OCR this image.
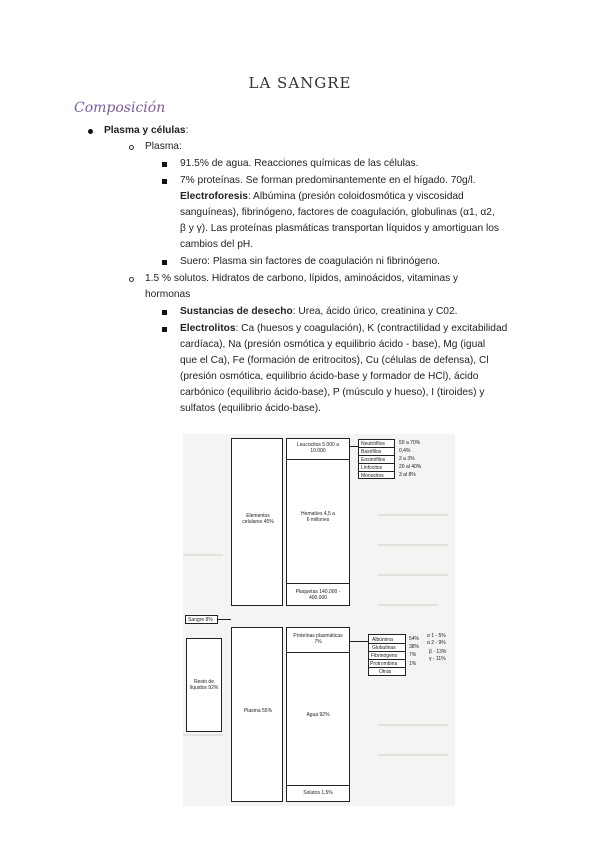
LA SANGRE
Composición
Plasma y células:
Plasma:
91.5% de agua. Reacciones químicas de las células.
7% proteínas. Se forman predominantemente en el hígado. 70g/l.
Electroforesis: Albúmina (presión coloidosmótica y viscosidad
sanguíneas), fibrinógeno, factores de coagulación, globulinas (α1, α2,
β y γ). Las proteínas plasmáticas transportan líquidos y amortiguan los
cambios del pH.
Suero: Plasma sin factores de coagulación ni fibrinógeno.
1.5 % solutos. Hidratos de carbono, lípidos, aminoácidos, vitaminas y
hormonas
Sustancias de desecho: Urea, ácido úrico, creatinina y C02.
Electrolitos: Ca (huesos y coagulación), K (contractilidad y excitabilidad
cardíaca), Na (presión osmótica y equilibrio ácido - base), Mg (igual
que el Ca), Fe (formación de eritrocitos), Cu (células de defensa), Cl
(presión osmótica, equilibrio ácido-base y formador de HCl), ácido
carbónico (equilibrio ácido-base), P (músculo y hueso), I (tiroides) y
sulfatos (equilibrio ácido-base).
Elementos celulares 45%
Leucocitos 5.000 a 10.000
Hematíes 4,5 a 6 millones
Plaquetas 140.000 - 400.000
Neutrófilos
Basófilos
Eosinófilos
Linfocitos
Monocitos
50 a 70%
0,4%
2 a 3%
20 al 40%
3 al 8%
Sangre 8%
Resto de líquidos 92%
Plasma 55%
Proteínas plasmáticas 7%
Agua 92%
Solutos 1,5%
Albúmina
Globulinas
Fibrinógeno
Protrombina
Otras
54%
38%
7%
1%
α 1 - 5%
α 2 - 9%
β - 13%
γ - 11%
